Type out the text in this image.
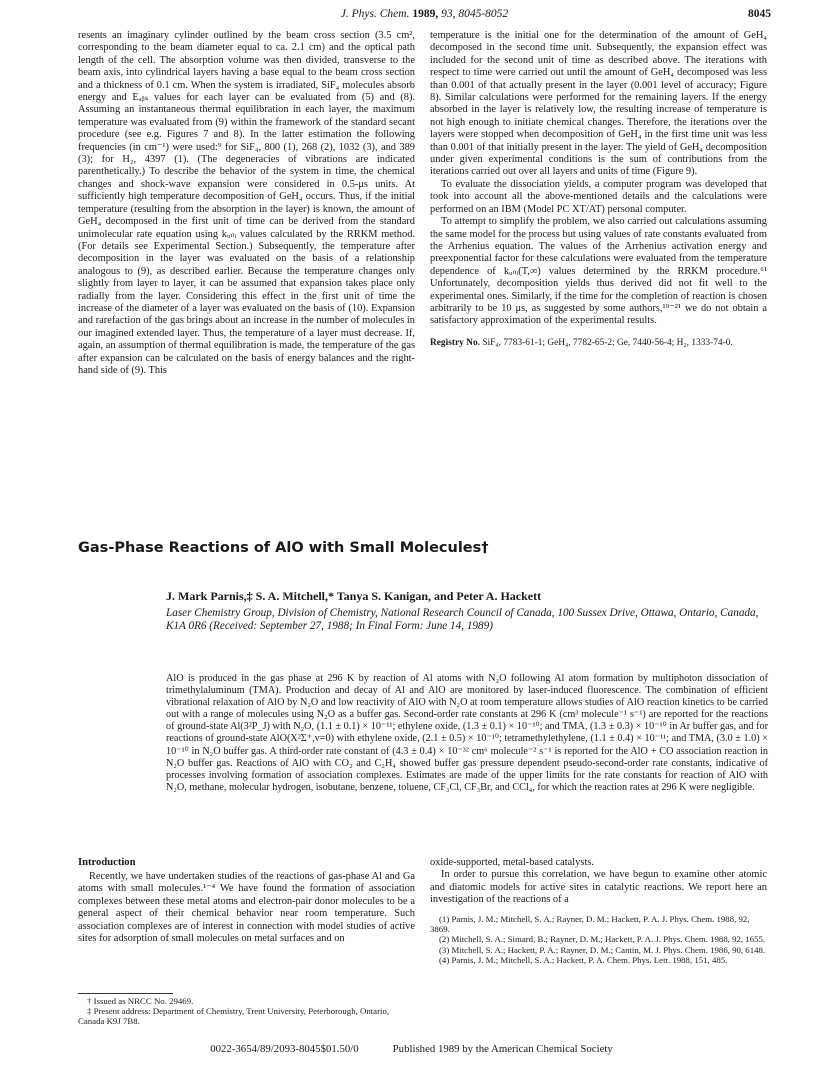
J. Phys. Chem. 1989, 93, 8045-8052	8045

resents an imaginary cylinder outlined by the beam cross section (3.5 cm², corresponding to the beam diameter equal to ca. 2.1 cm) and the optical path length of the cell. The absorption volume was then divided, transverse to the beam axis, into cylindrical layers having a base equal to the beam cross section and a thickness of 0.1 cm. When the system is irradiated, SiF₄ molecules absorb energy and Eₐᵦₛ values for each layer can be evaluated from (5) and (8). Assuming an instantaneous thermal equilibration in each layer, the maximum temperature was evaluated from (9) within the framework of the standard secant procedure (see e.g. Figures 7 and 8). In the latter estimation the following frequencies (in cm⁻¹) were used:⁹ for SiF₄, 800 (1), 268 (2), 1032 (3), and 389 (3); for H₂, 4397 (1). (The degeneracies of vibrations are indicated parenthetically.) To describe the behavior of the system in time, the chemical changes and shock-wave expansion were considered in 0.5-μs units. At sufficiently high temperature decomposition of GeH₄ occurs. Thus, if the initial temperature (resulting from the absorption in the layer) is known, the amount of GeH₄ decomposed in the first unit of time can be derived from the standard unimolecular rate equation using kᵤₙᵢ values calculated by the RRKM method. (For details see Experimental Section.) Subsequently, the temperature after decomposition in the layer was evaluated on the basis of a relationship analogous to (9), as described earlier. Because the temperature changes only slightly from layer to layer, it can be assumed that expansion takes place only radially from the layer. Considering this effect in the first unit of time the increase of the diameter of a layer was evaluated on the basis of (10). Expansion and rarefaction of the gas brings about an increase in the number of molecules in our imagined extended layer. Thus, the temperature of a layer must decrease. If, again, an assumption of thermal equilibration is made, the temperature of the gas after expansion can be calculated on the basis of energy balances and the right-hand side of (9). This

temperature is the initial one for the determination of the amount of GeH₄ decomposed in the second time unit. Subsequently, the expansion effect was included for the second unit of time as described above. The iterations with respect to time were carried out until the amount of GeH₄ decomposed was less than 0.001 of that actually present in the layer (0.001 level of accuracy; Figure 8). Similar calculations were performed for the remaining layers. If the energy absorbed in the layer is relatively low, the resulting increase of temperature is not high enough to initiate chemical changes. Therefore, the iterations over the layers were stopped when decomposition of GeH₄ in the first time unit was less than 0.001 of that initially present in the layer. The yield of GeH₄ decomposition under given experimental conditions is the sum of contributions from the iterations carried out over all layers and units of time (Figure 9).

To evaluate the dissociation yields, a computer program was developed that took into account all the above-mentioned details and the calculations were performed on an IBM (Model PC XT/AT) personal computer.

To attempt to simplify the problem, we also carried out calculations assuming the same model for the process but using values of rate constants evaluated from the Arrhenius equation. The values of the Arrhenius activation energy and preexponential factor for these calculations were evaluated from the temperature dependence of kᵤₙᵢ(T,∞) values determined by the RRKM procedure.⁶¹ Unfortunately, decomposition yields thus derived did not fit well to the experimental ones. Similarly, if the time for the completion of reaction is chosen arbitrarily to be 10 μs, as suggested by some authors,¹⁹⁻²¹ we do not obtain a satisfactory approximation of the experimental results.

Registry No. SiF₄, 7783-61-1; GeH₄, 7782-65-2; Ge, 7440-56-4; H₂, 1333-74-0.

Gas-Phase Reactions of AlO with Small Molecules†
J. Mark Parnis,‡ S. A. Mitchell,* Tanya S. Kanigan, and Peter A. Hackett
Laser Chemistry Group, Division of Chemistry, National Research Council of Canada, 100 Sussex Drive, Ottawa, Ontario, Canada, K1A 0R6 (Received: September 27, 1988; In Final Form: June 14, 1989)

AlO is produced in the gas phase at 296 K by reaction of Al atoms with N₂O following Al atom formation by multiphoton dissociation of trimethylaluminum (TMA). Production and decay of Al and AlO are monitored by laser-induced fluorescence. The combination of efficient vibrational relaxation of AlO by N₂O and low reactivity of AlO with N₂O at room temperature allows studies of AlO reaction kinetics to be carried out with a range of molecules using N₂O as a buffer gas. Second-order rate constants at 296 K (cm³ molecule⁻¹ s⁻¹) are reported for the reactions of ground-state Al(3²P_J) with N₂O, (1.1 ± 0.1) × 10⁻¹¹; ethylene oxide, (1.3 ± 0.1) × 10⁻¹⁰; and TMA, (1.3 ± 0.3) × 10⁻¹⁰ in Ar buffer gas, and for reactions of ground-state AlO(X²Σ⁺,v=0) with ethylene oxide, (2.1 ± 0.5) × 10⁻¹⁰; tetramethylethylene, (1.1 ± 0.4) × 10⁻¹¹; and TMA, (3.0 ± 1.0) × 10⁻¹⁰ in N₂O buffer gas. A third-order rate constant of (4.3 ± 0.4) × 10⁻³² cm⁶ molecule⁻² s⁻¹ is reported for the AlO + CO association reaction in N₂O buffer gas. Reactions of AlO with CO₂ and C₂H₄ showed buffer gas pressure dependent pseudo-second-order rate constants, indicative of processes involving formation of association complexes. Estimates are made of the upper limits for the rate constants for reaction of AlO with N₂O, methane, molecular hydrogen, isobutane, benzene, toluene, CF₃Cl, CF₃Br, and CCl₄, for which the reaction rates at 296 K were negligible.

Introduction

Recently, we have undertaken studies of the reactions of gas-phase Al and Ga atoms with small molecules.¹⁻⁴ We have found the formation of association complexes between these metal atoms and electron-pair donor molecules to be a general aspect of their chemical behavior near room temperature. Such association complexes are of interest in connection with model studies of active sites for adsorption of small molecules on metal surfaces and on

oxide-supported, metal-based catalysts.

In order to pursue this correlation, we have begun to examine other atomic and diatomic models for active sites in catalytic reactions. We report here an investigation of the reactions of a

(1) Parnis, J. M.; Mitchell, S. A.; Rayner, D. M.; Hackett, P. A. J. Phys. Chem. 1988, 92, 3869.
(2) Mitchell, S. A.; Simard, B.; Rayner, D. M.; Hackett, P. A. J. Phys. Chem. 1988, 92, 1655.
(3) Mitchell, S. A.; Hackett, P. A.; Rayner, D. M.; Cantin, M. J. Phys. Chem. 1986, 90, 6148.
(4) Parnis, J. M.; Mitchell, S. A.; Hackett, P. A. Chem. Phys. Lett. 1988, 151, 485.
† Issued as NRCC No. 29469.
‡ Present address: Department of Chemistry, Trent University, Peterborough, Ontario, Canada K9J 7B8.
0022-3654/89/2093-8045$01.50/0	Published 1989 by the American Chemical Society
